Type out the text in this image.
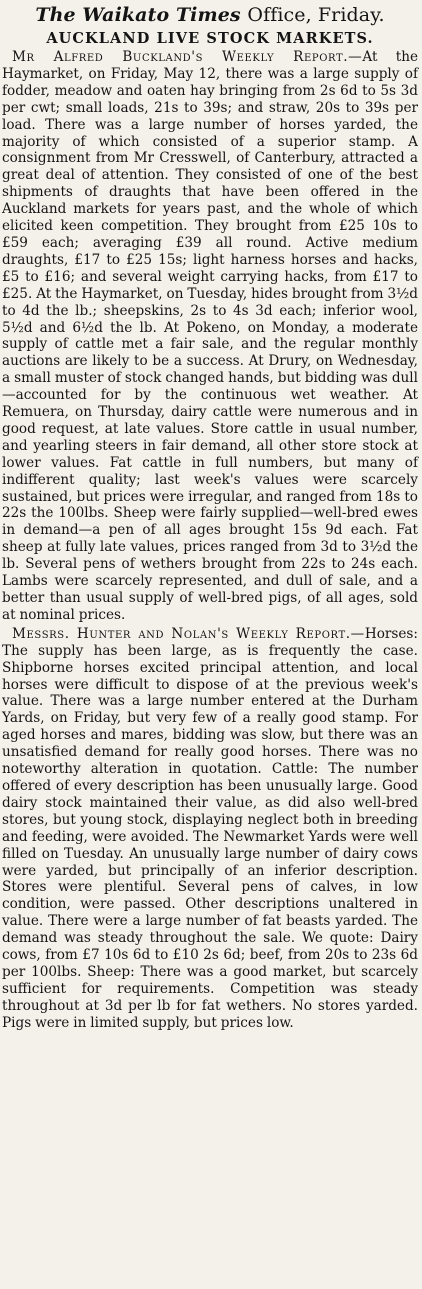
The Waikato Times Office, Friday.
AUCKLAND LIVE STOCK MARKETS.

Mr Alfred Buckland's Weekly Report.—At the Haymarket, on Friday, May 12, there was a large supply of fodder, meadow and oaten hay bringing from 2s 6d to 5s 3d per cwt; small loads, 21s to 39s; and straw, 20s to 39s per load. There was a large number of horses yarded, the majority of which consisted of a superior stamp. A consignment from Mr Cresswell, of Canterbury, attracted a great deal of attention. They consisted of one of the best shipments of draughts that have been offered in the Auckland markets for years past, and the whole of which elicited keen competition. They brought from £25 10s to £59 each; averaging £39 all round. Active medium draughts, £17 to £25 15s; light harness horses and hacks, £5 to £16; and several weight carrying hacks, from £17 to £25. At the Haymarket, on Tuesday, hides brought from 3½d to 4d the lb.; sheepskins, 2s to 4s 3d each; inferior wool, 5½d and 6½d the lb. At Pokeno, on Monday, a moderate supply of cattle met a fair sale, and the regular monthly auctions are likely to be a success. At Drury, on Wednesday, a small muster of stock changed hands, but bidding was dull—accounted for by the continuous wet weather. At Remuera, on Thursday, dairy cattle were numerous and in good request, at late values. Store cattle in usual number, and yearling steers in fair demand, all other store stock at lower values. Fat cattle in full numbers, but many of indifferent quality; last week's values were scarcely sustained, but prices were irregular, and ranged from 18s to 22s the 100lbs. Sheep were fairly supplied—well-bred ewes in demand—a pen of all ages brought 15s 9d each. Fat sheep at fully late values, prices ranged from 3d to 3½d the lb. Several pens of wethers brought from 22s to 24s each. Lambs were scarcely represented, and dull of sale, and a better than usual supply of well-bred pigs, of all ages, sold at nominal prices.

Messrs. Hunter and Nolan's Weekly Report.—Horses: The supply has been large, as is frequently the case. Shipborne horses excited principal attention, and local horses were difficult to dispose of at the previous week's value. There was a large number entered at the Durham Yards, on Friday, but very few of a really good stamp. For aged horses and mares, bidding was slow, but there was an unsatisfied demand for really good horses. There was no noteworthy alteration in quotation. Cattle: The number offered of every description has been unusually large. Good dairy stock maintained their value, as did also well-bred stores, but young stock, displaying neglect both in breeding and feeding, were avoided. The Newmarket Yards were well filled on Tuesday. An unusually large number of dairy cows were yarded, but principally of an inferior description. Stores were plentiful. Several pens of calves, in low condition, were passed. Other descriptions unaltered in value. There were a large number of fat beasts yarded. The demand was steady throughout the sale. We quote: Dairy cows, from £7 10s 6d to £10 2s 6d; beef, from 20s to 23s 6d per 100lbs. Sheep: There was a good market, but scarcely sufficient for requirements. Competition was steady throughout at 3d per lb for fat wethers. No stores yarded. Pigs were in limited supply, but prices low.
